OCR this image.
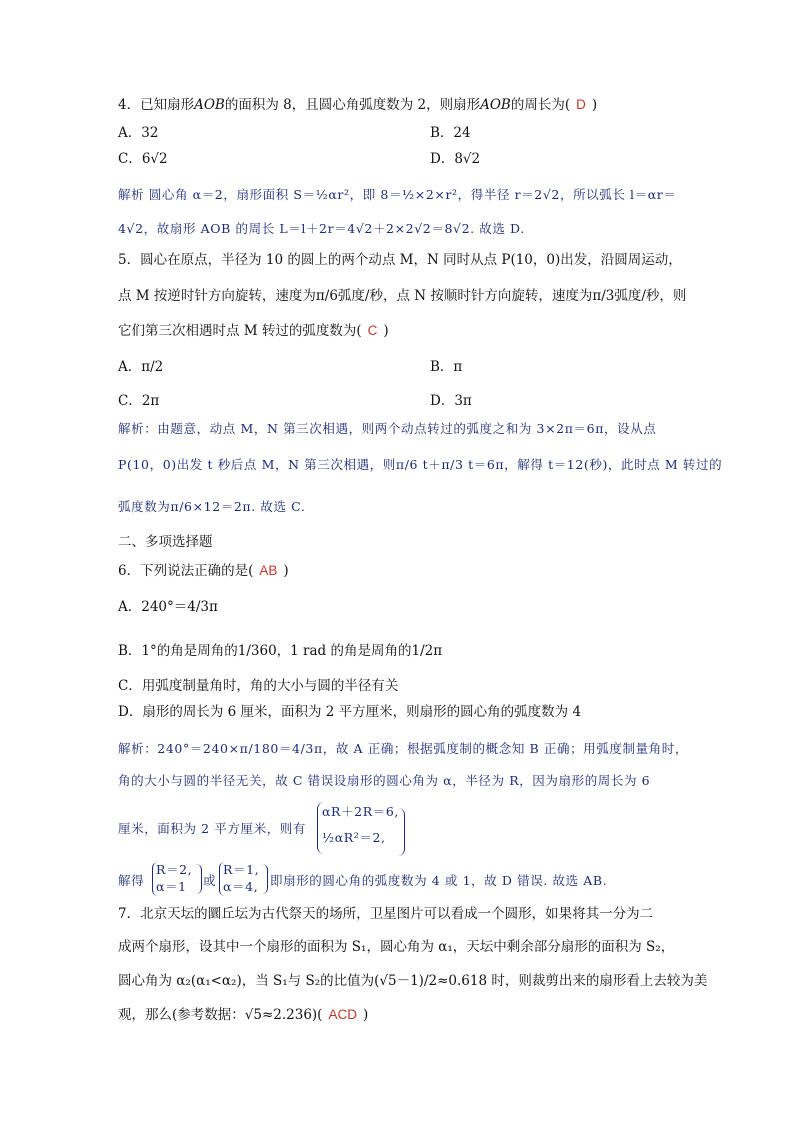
4．已知扇形AOB的面积为 8，且圆心角弧度数为 2，则扇形AOB的周长为( D )
A．32	B．24
C．6√2	D．8√2
解析 圆心角 α＝2，扇形面积 S＝½αr²，即 8＝½×2×r²，得半径 r＝2√2，所以弧长 l＝αr＝
4√2，故扇形 AOB 的周长 L＝l＋2r＝4√2＋2×2√2＝8√2. 故选 D.
5．圆心在原点，半径为 10 的圆上的两个动点 M，N 同时从点 P(10，0)出发，沿圆周运动，
点 M 按逆时针方向旋转，速度为π/6弧度/秒，点 N 按顺时针方向旋转，速度为π/3弧度/秒，则
它们第三次相遇时点 M 转过的弧度数为( C )
A．π/2	B．π
C．2π	D．3π
解析：由题意，动点 M，N 第三次相遇，则两个动点转过的弧度之和为 3×2π＝6π，设从点
P(10，0)出发 t 秒后点 M，N 第三次相遇，则π/6 t＋π/3 t＝6π，解得 t＝12(秒)，此时点 M 转过的
弧度数为π/6×12＝2π. 故选 C.
二、多项选择题
6．下列说法正确的是( AB )
A．240°＝4/3π
B．1°的角是周角的1/360，1 rad 的角是周角的1/2π
C．用弧度制量角时，角的大小与圆的半径有关
D．扇形的周长为 6 厘米，面积为 2 平方厘米，则扇形的圆心角的弧度数为 4
解析：240°＝240×π/180＝4/3π，故 A 正确；根据弧度制的概念知 B 正确；用弧度制量角时，
角的大小与圆的半径无关，故 C 错误设扇形的圆心角为 α，半径为 R，因为扇形的周长为 6
厘米，面积为 2 平方厘米，则有
αR＋2R＝6,
½αR²＝2,
解得
R＝2,
α＝1 或
R＝1,
α＝4, 即扇形的圆心角的弧度数为 4 或 1，故 D 错误. 故选 AB.
7．北京天坛的圜丘坛为古代祭天的场所，卫星图片可以看成一个圆形，如果将其一分为二
成两个扇形，设其中一个扇形的面积为 S₁，圆心角为 α₁，天坛中剩余部分扇形的面积为 S₂，
圆心角为 α₂(α₁<α₂)，当 S₁与 S₂的比值为(√5－1)/2≈0.618 时，则裁剪出来的扇形看上去较为美
观，那么(参考数据：√5≈2.236)( ACD )
